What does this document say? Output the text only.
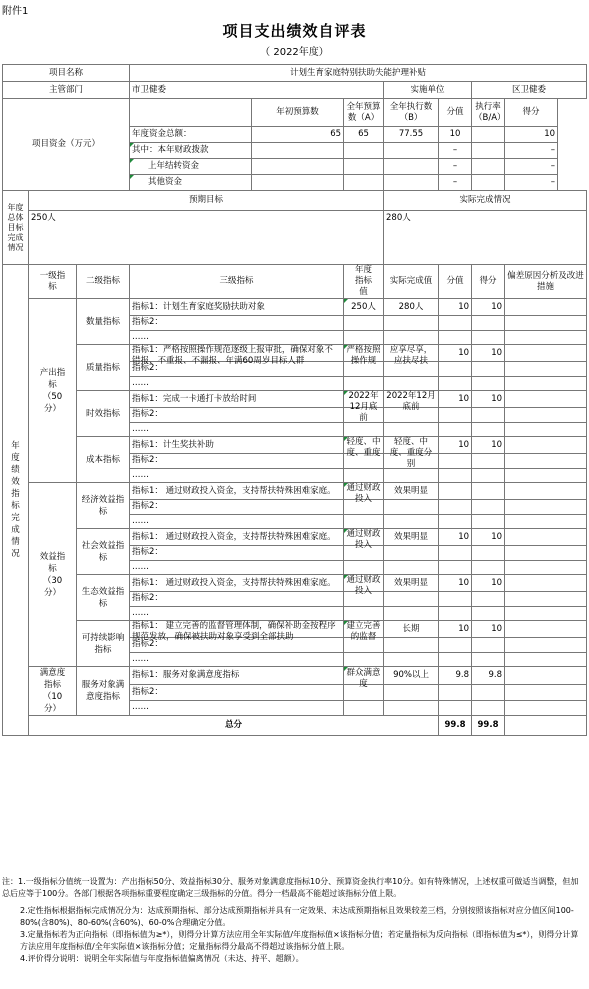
附件1
项目支出绩效自评表
（ 2022年度）
项目名称			计划生育家庭特别扶助失能护理补贴						
主管部门			市卫健委			实施单位		区卫健委	
项目资金（万元）				年初预算数	全年预算数（A）	全年执行数（B）	分值	执行率（B/A）	得分
			年度资金总额：	65	65	77.55	10		10
			其中：本年财政拨款				–		–
			上年结转资金				–		–
			其他资金				–		–
年度总体目标完成情况	预期目标					实际完成情况			
	250人					280人			
年度绩效指标完成情况	一级指标	二级指标	三级指标		年度指标值	实际完成值	分值	得分	偏差原因分析及改进措施
	产出指标（50分）	数量指标	指标1：计划生育家庭奖励扶助对象		250人	280人	10	10	

			指标2：						

			……						

		质量指标	指标1：严格按照操作规范逐级上报审批，确保对象不错报、不重报、不漏报、年满60周岁目标人群		严格按照操作规	应享尽享，应扶尽扶	10	10	

			指标2：						

			……						

		时效指标	指标1：完成一卡通打卡放给时间		2022年12月底前	2022年12月底前	10	10	

			指标2：						

			……						

		成本指标	指标1：计生奖扶补助		轻度、中度、重度	轻度、中度、重度分别	10	10	

			指标2：						

			……						

	效益指标（30分）	经济效益指标	指标1： 通过财政投入资金，支持帮扶特殊困难家庭。		通过财政投入	效果明显			

			指标2：						

			……						

		社会效益指标	指标1： 通过财政投入资金，支持帮扶特殊困难家庭。		通过财政投入	效果明显	10	10	

			指标2：						

			……						

		生态效益指标	指标1： 通过财政投入资金，支持帮扶特殊困难家庭。		通过财政投入	效果明显	10	10	

			指标2：						

			……						

		可持续影响指标	指标1： 建立完善的监督管理体制，确保补助金按程序规范发放，确保被扶助对象享受到全部扶助		建立完善的监督	长期	10	10	

			指标2：						

			……						

	满意度指标（10分）	服务对象满意度指标	指标1：服务对象满意度指标		群众满意度	90%以上	9.8	9.8	

			指标2：						

			……						

	总分						99.8	99.8	

注：1.一级指标分值统一设置为：产出指标50分、效益指标30分、服务对象满意度指标10分、预算资金执行率10分。如有特殊情况，上述权重可做适当调整，但加总后应等于100分。各部门根据各项指标重要程度确定三级指标的分值。得分一档最高不能超过该指标分值上限。

2.定性指标根据指标完成情况分为：达成预期指标、部分达成预期指标并具有一定效果、未达成预期指标且效果较差三档，分别按照该指标对应分值区间100-80%(含80%)、80-60%(含60%)、60-0%合理确定分值。

3.定量指标若为正向指标（即指标值为≥*），则得分计算方法应用全年实际值/年度指标值×该指标分值；若定量指标为反向指标（即指标值为≤*），则得分计算方法应用年度指标值/全年实际值×该指标分值；定量指标得分最高不得超过该指标分值上限。

4.评价得分说明：说明全年实际值与年度指标值偏离情况（未达、持平、超额）。
